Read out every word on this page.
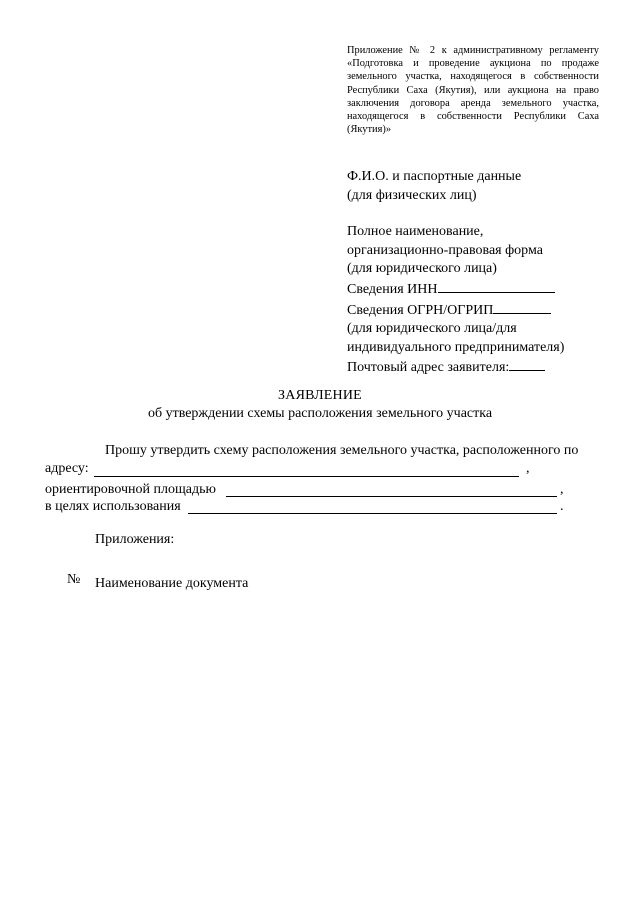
Приложение № 2 к административному регламенту «Подготовка и проведение аукциона по продаже земельного участка, находящегося в собственности Республики Саха (Якутия), или аукциона на право заключения договора аренда земельного участка, находящегося в собственности Республики Саха (Якутия)»
Ф.И.О. и паспортные данные
(для физических лиц)
Полное наименование,
организационно-правовая форма
(для юридического лица)
Сведения ИНН
Сведения ОГРН/ОГРИП
(для юридического лица/для
индивидуального предпринимателя)
Почтовый адрес заявителя:
ЗАЯВЛЕНИЕ
об утверждении схемы расположения земельного участка
Прошу утвердить схему расположения земельного участка, расположенного по
адресу:	,
ориентировочной площадью	,
в целях использования	.
Приложения:
№ Наименование документа
